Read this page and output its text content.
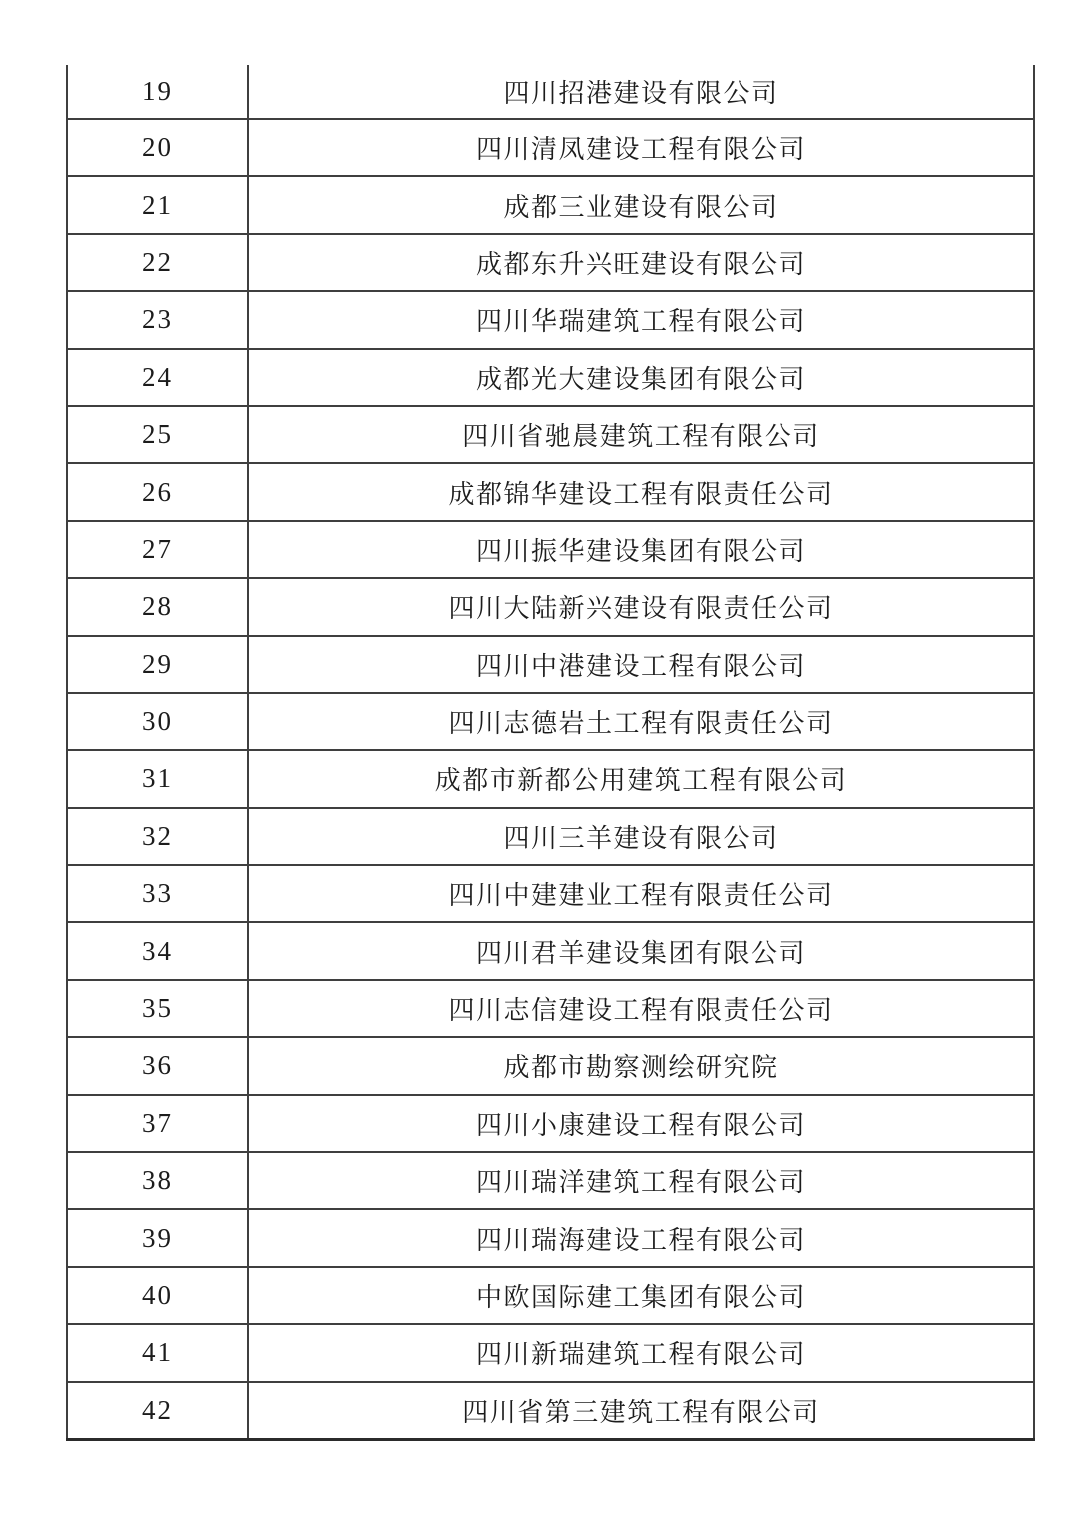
19	四川招港建设有限公司
20	四川清凤建设工程有限公司
21	成都三业建设有限公司
22	成都东升兴旺建设有限公司
23	四川华瑞建筑工程有限公司
24	成都光大建设集团有限公司
25	四川省驰晨建筑工程有限公司
26	成都锦华建设工程有限责任公司
27	四川振华建设集团有限公司
28	四川大陆新兴建设有限责任公司
29	四川中港建设工程有限公司
30	四川志德岩土工程有限责任公司
31	成都市新都公用建筑工程有限公司
32	四川三羊建设有限公司
33	四川中建建业工程有限责任公司
34	四川君羊建设集团有限公司
35	四川志信建设工程有限责任公司
36	成都市勘察测绘研究院
37	四川小康建设工程有限公司
38	四川瑞洋建筑工程有限公司
39	四川瑞海建设工程有限公司
40	中欧国际建工集团有限公司
41	四川新瑞建筑工程有限公司
42	四川省第三建筑工程有限公司
